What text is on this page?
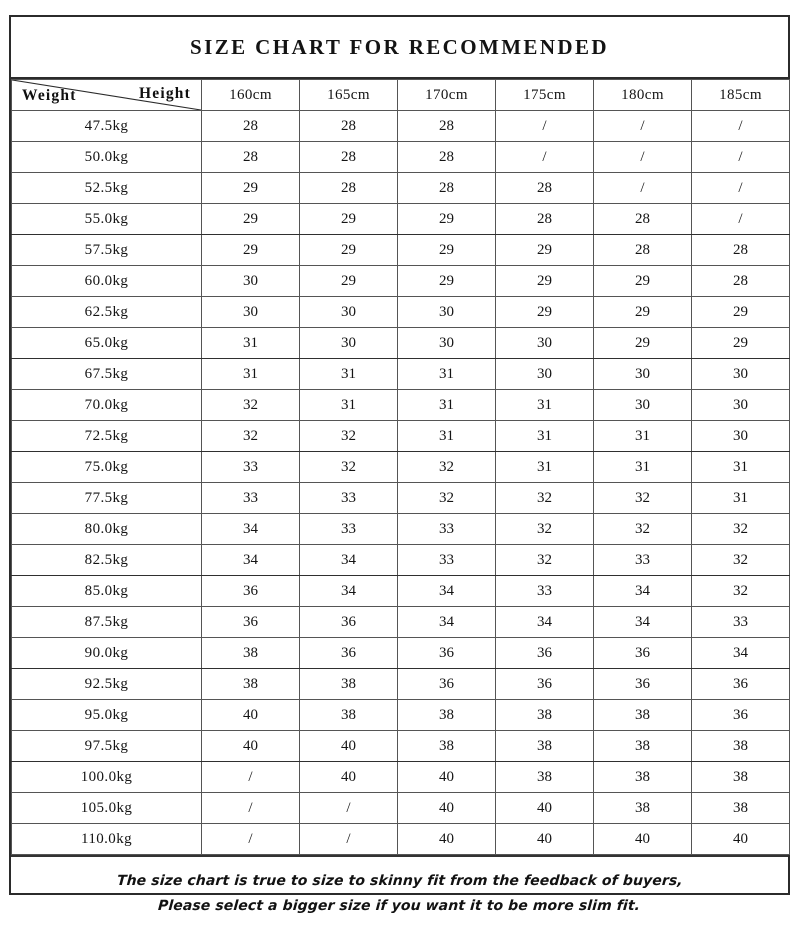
SIZE CHART FOR RECOMMENDED
Weight Height	160cm	165cm	170cm	175cm	180cm	185cm
47.5kg	28	28	28	/	/	/
50.0kg	28	28	28	/	/	/
52.5kg	29	28	28	28	/	/
55.0kg	29	29	29	28	28	/
57.5kg	29	29	29	29	28	28
60.0kg	30	29	29	29	29	28
62.5kg	30	30	30	29	29	29
65.0kg	31	30	30	30	29	29
67.5kg	31	31	31	30	30	30
70.0kg	32	31	31	31	30	30
72.5kg	32	32	31	31	31	30
75.0kg	33	32	32	31	31	31
77.5kg	33	33	32	32	32	31
80.0kg	34	33	33	32	32	32
82.5kg	34	34	33	32	33	32
85.0kg	36	34	34	33	34	32
87.5kg	36	36	34	34	34	33
90.0kg	38	36	36	36	36	34
92.5kg	38	38	36	36	36	36
95.0kg	40	38	38	38	38	36
97.5kg	40	40	38	38	38	38
100.0kg	/	40	40	38	38	38
105.0kg	/	/	40	40	38	38
110.0kg	/	/	40	40	40	40
The size chart is true to size to skinny fit from the feedback of buyers,
Please select a bigger size if you want it to be more slim fit.
